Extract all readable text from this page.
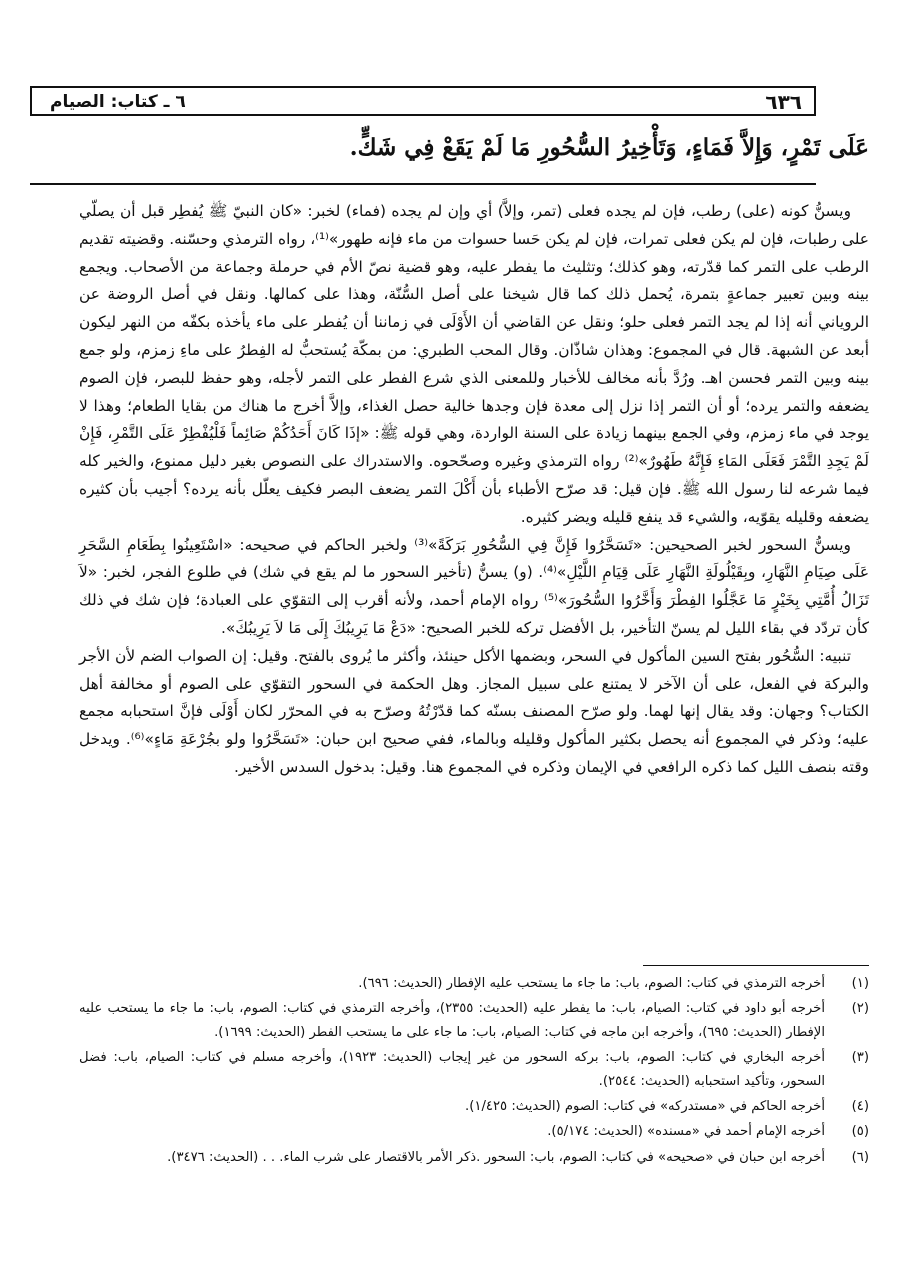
٦٣٦
٦ ـ كتاب: الصيام

عَلَى تَمْرٍ، وَإِلاَّ فَمَاءٍ، وَتَأْخِيرُ السُّحُورِ مَا لَمْ يَقَعْ فِي شَكٍّ.

ويسنُّ كونه (على) رطب، فإن لم يجده فعلى (تمر، وإلاَّ) أي وإن لم يجده (فماء) لخبر: «كان النبيّ ﷺ يُفطِر قبل أن يصلّي على رطبات، فإن لم يكن فعلى تمرات، فإن لم يكن حَسا حسوات من ماء فإنه طهور»⁽¹⁾، رواه الترمذي وحسّنه. وقضيته تقديم الرطب على التمر كما قدّرته، وهو كذلك؛ وتثليث ما يفطر عليه، وهو قضية نصّ الأم في حرملة وجماعة من الأصحاب. ويجمع بينه وبين تعبير جماعةٍ بتمرة، يُحمل ذلك كما قال شيخنا على أصل السُّنّة، وهذا على كمالها. ونقل في أصل الروضة عن الروياني أنه إذا لم يجد التمر فعلى حلو؛ ونقل عن القاضي أن الأَوْلَى في زماننا أن يُفطر على ماء يأخذه بكفّه من النهر ليكون أبعد عن الشبهة. قال في المجموع: وهذان شاذّان. وقال المحب الطبري: من بمكّة يُستحبُّ له الفِطرُ على ماءِ زمزم، ولو جمع بينه وبين التمر فحسن اهـ. ورُدَّ بأنه مخالف للأخبار وللمعنى الذي شرع الفطر على التمر لأجله، وهو حفظ للبصر، فإن الصوم يضعفه والتمر يرده؛ أو أن التمر إذا نزل إلى معدة فإن وجدها خالية حصل الغذاء، وإلاَّ أخرج ما هناك من بقايا الطعام؛ وهذا لا يوجد في ماء زمزم، وفي الجمع بينهما زيادة على السنة الواردة، وهي قوله ﷺ: «إذَا كَانَ أَحَدُكُمْ صَائِماً فَلْيُفْطِرْ عَلَى التَّمْرِ، فَإِنْ لَمْ يَجِدِ التَّمْرَ فَعَلَى المَاءِ فَإِنَّهُ طَهُورٌ»⁽²⁾ رواه الترمذي وغيره وصحّحوه. والاستدراك على النصوص بغير دليل ممنوع، والخير كله فيما شرعه لنا رسول الله ﷺ. فإن قيل: قد صرّح الأطباء بأن أَكْلَ التمر يضعف البصر فكيف يعلّل بأنه يرده؟ أجيب بأن كثيره يضعفه وقليله يقوّيه، والشيء قد ينفع قليله ويضر كثيره.

ويسنُّ السحور لخبر الصحيحين: «تَسَحَّرُوا فَإِنَّ فِي السُّحُورِ بَرَكَةً»⁽³⁾ ولخبر الحاكم في صحيحه: «اسْتَعِينُوا بِطَعَامِ السَّحَرِ عَلَى صِيَامِ النَّهَارِ، وبِقَيْلُولَةِ النَّهَارِ عَلَى قِيَامِ اللَّيْلِ»⁽⁴⁾. (و) يسنُّ (تأخير السحور ما لم يقع في شك) في طلوع الفجر، لخبر: «لاَ تَزَالُ أُمَّتِي بِخَيْرٍ مَا عَجَّلُوا الفِطْرَ وَأَخَّرُوا السُّحُورَ»⁽⁵⁾ رواه الإمام أحمد، ولأنه أقرب إلى التقوّي على العبادة؛ فإن شك في ذلك كأن تردّد في بقاء الليل لم يسنّ التأخير، بل الأفضل تركه للخبر الصحيح: «دَعْ مَا يَرِيبُكَ إِلَى مَا لاَ يَرِيبُكَ».

تنبيه: السُّحُور بفتح السين المأكول في السحر، وبضمها الأكل حينئذ، وأكثر ما يُروى بالفتح. وقيل: إن الصواب الضم لأن الأجر والبركة في الفعل، على أن الآخر لا يمتنع على سبيل المجاز. وهل الحكمة في السحور التقوّي على الصوم أو مخالفة أهل الكتاب؟ وجهان: وقد يقال إنها لهما. ولو صرّح المصنف بسنّه كما قدّرْتُهُ وصرّح به في المحرّر لكان أَوْلَى فإنَّ استحبابه مجمع عليه؛ وذكر في المجموع أنه يحصل بكثير المأكول وقليله وبالماء، ففي صحيح ابن حبان: «تَسَحَّرُوا ولو بجُرْعَةِ مَاءٍ»⁽⁶⁾. ويدخل وقته بنصف الليل كما ذكره الرافعي في الإيمان وذكره في المجموع هنا. وقيل: بدخول السدس الأخير.

(١)
أخرجه الترمذي في كتاب: الصوم، باب: ما جاء ما يستحب عليه الإفطار (الحديث: ٦٩٦).
(٢)
أخرجه أبو داود في كتاب: الصيام، باب: ما يفطر عليه (الحديث: ٢٣٥٥)، وأخرجه الترمذي في كتاب: الصوم، باب: ما جاء ما يستحب عليه الإفطار (الحديث: ٦٩٥)، وأخرجه ابن ماجه في كتاب: الصيام، باب: ما جاء على ما يستحب الفطر (الحديث: ١٦٩٩).
(٣)
أخرجه البخاري في كتاب: الصوم، باب: بركه السحور من غير إيجاب (الحديث: ١٩٢٣)، وأخرجه مسلم في كتاب: الصيام، باب: فضل السحور، وتأكيد استحبابه (الحديث: ٢٥٤٤).
(٤)
أخرجه الحاكم في «مستدركه» في كتاب: الصوم (الحديث: ١/٤٢٥).
(٥)
أخرجه الإمام أحمد في «مسنده» (الحديث: ٥/١٧٤).
(٦)
أخرجه ابن حبان في «صحيحه» في كتاب: الصوم، باب: السحور .ذكر الأمر بالاقتصار على شرب الماء. . . (الحديث: ٣٤٧٦).
